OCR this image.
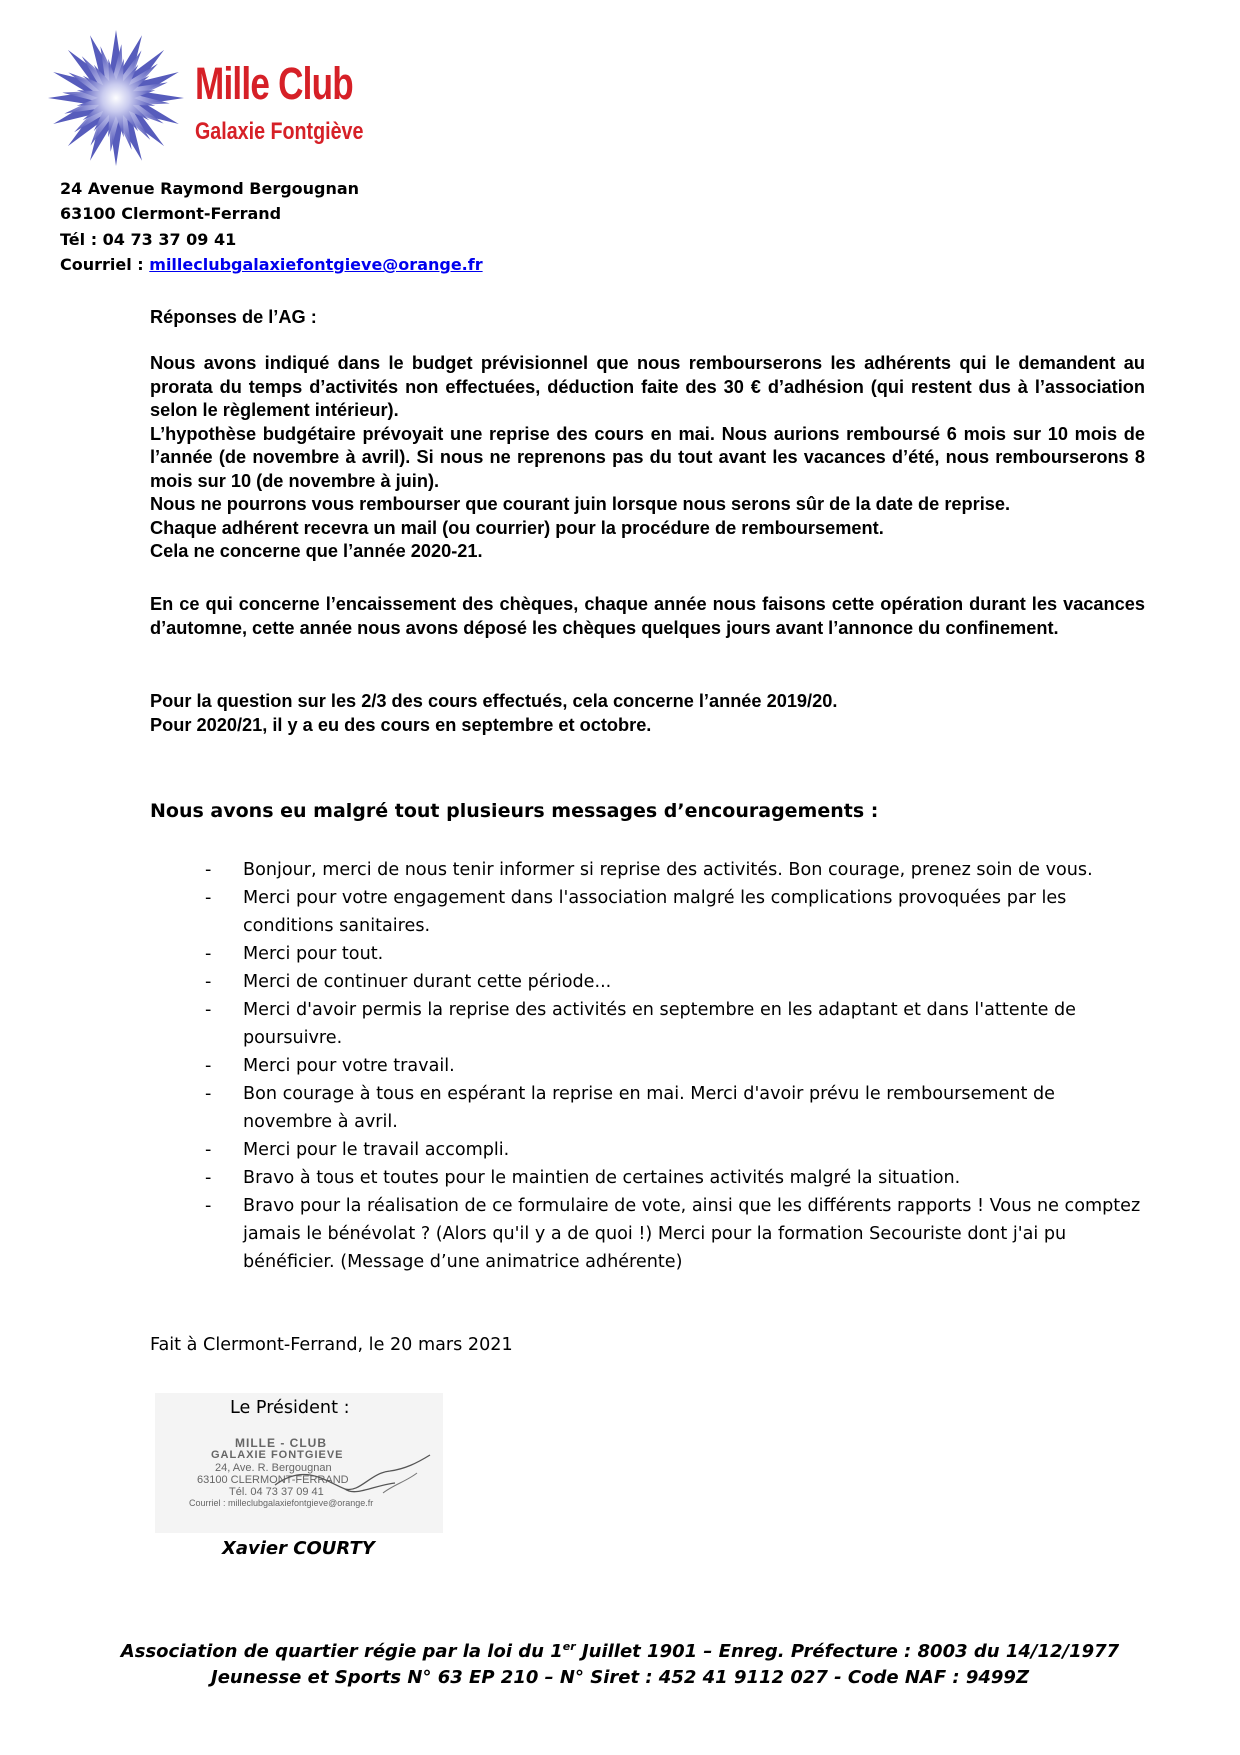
Mille Club
Galaxie Fontgiève
24 Avenue Raymond Bergougnan
63100 Clermont-Ferrand
Tél : 04 73 37 09 41
Courriel : milleclubgalaxiefontgieve@orange.fr
Réponses de l’AG :

Nous avons indiqué dans le budget prévisionnel que nous rembourserons les adhérents qui le demandent au prorata du temps d’activités non effectuées, déduction faite des 30 € d’adhésion (qui restent dus à l’association selon le règlement intérieur).

L’hypothèse budgétaire prévoyait une reprise des cours en mai. Nous aurions remboursé 6 mois sur 10 mois de l’année (de novembre à avril). Si nous ne reprenons pas du tout avant les vacances d’été, nous rembourserons 8 mois sur 10 (de novembre à juin).

Nous ne pourrons vous rembourser que courant juin lorsque nous serons sûr de la date de reprise.

Chaque adhérent recevra un mail (ou courrier) pour la procédure de remboursement.

Cela ne concerne que l’année 2020-21.

En ce qui concerne l’encaissement des chèques, chaque année nous faisons cette opération durant les vacances d’automne, cette année nous avons déposé les chèques quelques jours avant l’annonce du confinement.

Pour la question sur les 2/3 des cours effectués, cela concerne l’année 2019/20.

Pour 2020/21, il y a eu des cours en septembre et octobre.

Nous avons eu malgré tout plusieurs messages d’encouragements :
- Bonjour, merci de nous tenir informer si reprise des activités. Bon courage, prenez soin de vous.
- Merci pour votre engagement dans l'association malgré les complications provoquées par les conditions sanitaires.
- Merci pour tout.
- Merci de continuer durant cette période...
- Merci d'avoir permis la reprise des activités en septembre en les adaptant et dans l'attente de poursuivre.
- Merci pour votre travail.
- Bon courage à tous en espérant la reprise en mai. Merci d'avoir prévu le remboursement de novembre à avril.
- Merci pour le travail accompli.
- Bravo à tous et toutes pour le maintien de certaines activités malgré la situation.
- Bravo pour la réalisation de ce formulaire de vote, ainsi que les différents rapports ! Vous ne comptez jamais le bénévolat ? (Alors qu'il y a de quoi !) Merci pour la formation Secouriste dont j'ai pu bénéficier. (Message d’une animatrice adhérente)
Fait à Clermont-Ferrand, le 20 mars 2021
MILLE - CLUB
GALAXIE FONTGIEVE
24, Ave. R. Bergougnan
63100 CLERMONT-FERRAND
Tél. 04 73 37 09 41
Courriel : milleclubgalaxiefontgieve@orange.fr
Le Président :
Xavier COURTY
Association de quartier régie par la loi du 1er Juillet 1901 – Enreg. Préfecture : 8003 du 14/12/1977
Jeunesse et Sports N° 63 EP 210 – N° Siret : 452 41 9112 027 - Code NAF : 9499Z
